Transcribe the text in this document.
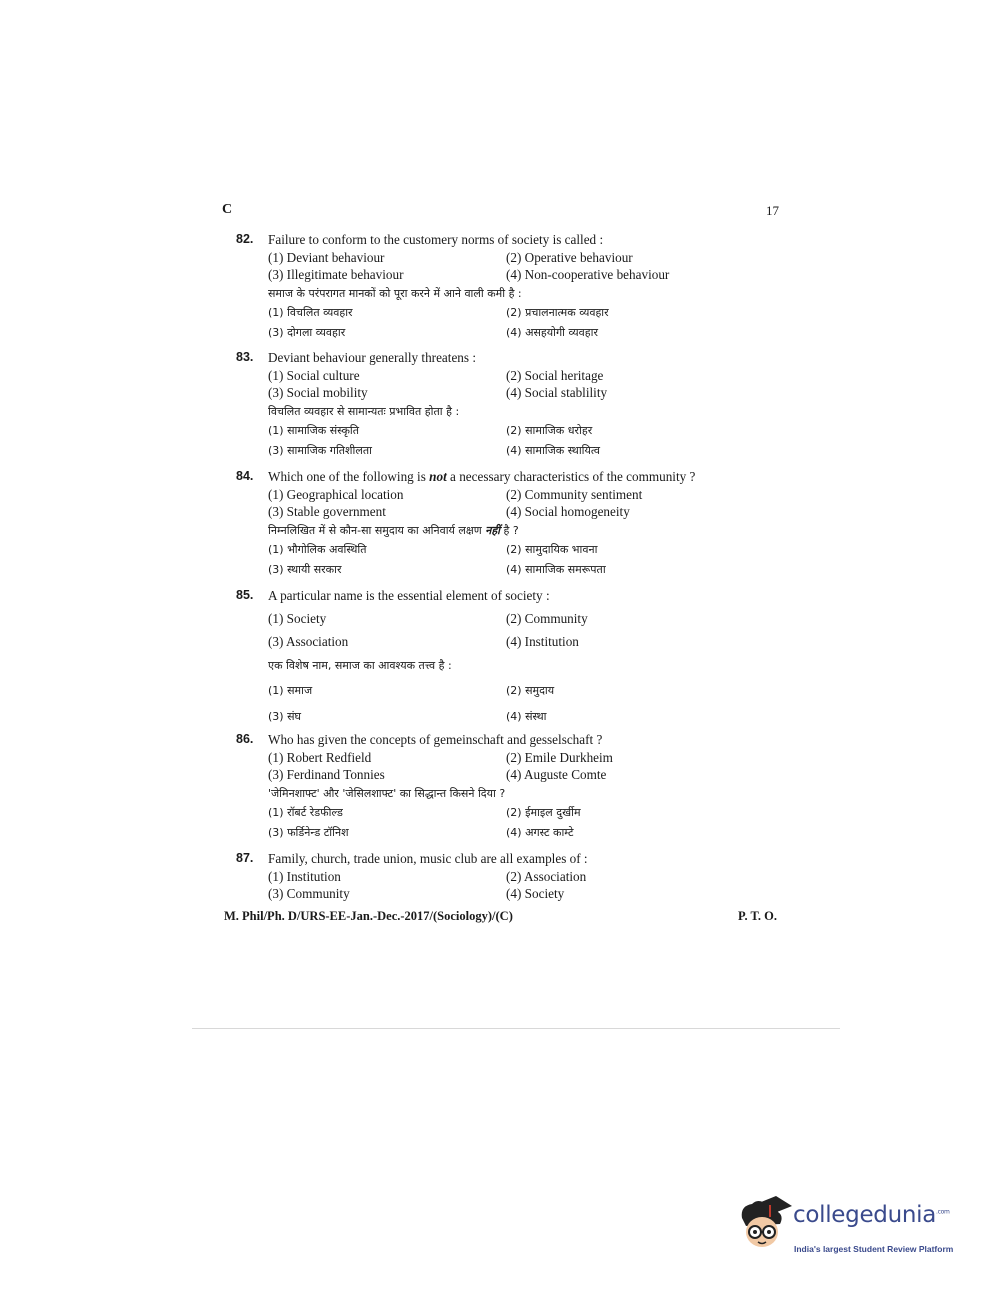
C	17
82.	Failure to conform to the customery norms of society is called :
(1) Deviant behaviour	(2) Operative behaviour
(3) Illegitimate behaviour	(4) Non-cooperative behaviour
समाज के परंपरागत मानकों को पूरा करने में आने वाली कमी है :
(1) विचलित व्यवहार	(2) प्रचालनात्मक व्यवहार
(3) दोगला व्यवहार	(4) असहयोगी व्यवहार
83.	Deviant behaviour generally threatens :
(1) Social culture	(2) Social heritage
(3) Social mobility	(4) Social stablility
विचलित व्यवहार से सामान्यतः प्रभावित होता है :
(1) सामाजिक संस्कृति	(2) सामाजिक धरोहर
(3) सामाजिक गतिशीलता	(4) सामाजिक स्थायित्व
84.	Which one of the following is not a necessary characteristics of the community ?
(1) Geographical location	(2) Community sentiment
(3) Stable government	(4) Social homogeneity
निम्नलिखित में से कौन-सा समुदाय का अनिवार्य लक्षण नहीं है ?
(1) भौगोलिक अवस्थिति	(2) सामुदायिक भावना
(3) स्थायी सरकार	(4) सामाजिक समरूपता
85.	A particular name is the essential element of society :
(1) Society	(2) Community
(3) Association	(4) Institution
एक विशेष नाम, समाज का आवश्यक तत्त्व है :
(1) समाज	(2) समुदाय
(3) संघ	(4) संस्था
86.	Who has given the concepts of gemeinschaft and gesselschaft ?
(1) Robert Redfield	(2) Emile Durkheim
(3) Ferdinand Tonnies	(4) Auguste Comte
'जेमिनशाफ्ट' और 'जेसिलशाफ्ट' का सिद्धान्त किसने दिया ?
(1) रॉबर्ट रेडफील्ड	(2) ईमाइल दुर्खीम
(3) फर्डिनेन्ड टॉनिश	(4) अगस्ट काम्टे
87.	Family, church, trade union, music club are all examples of :
(1) Institution	(2) Association
(3) Community	(4) Society
M. Phil/Ph. D/URS-EE-Jan.-Dec.-2017/(Sociology)/(C)	P. T. O.
collegedunia$^{.com}$
India's largest Student Review Platform
